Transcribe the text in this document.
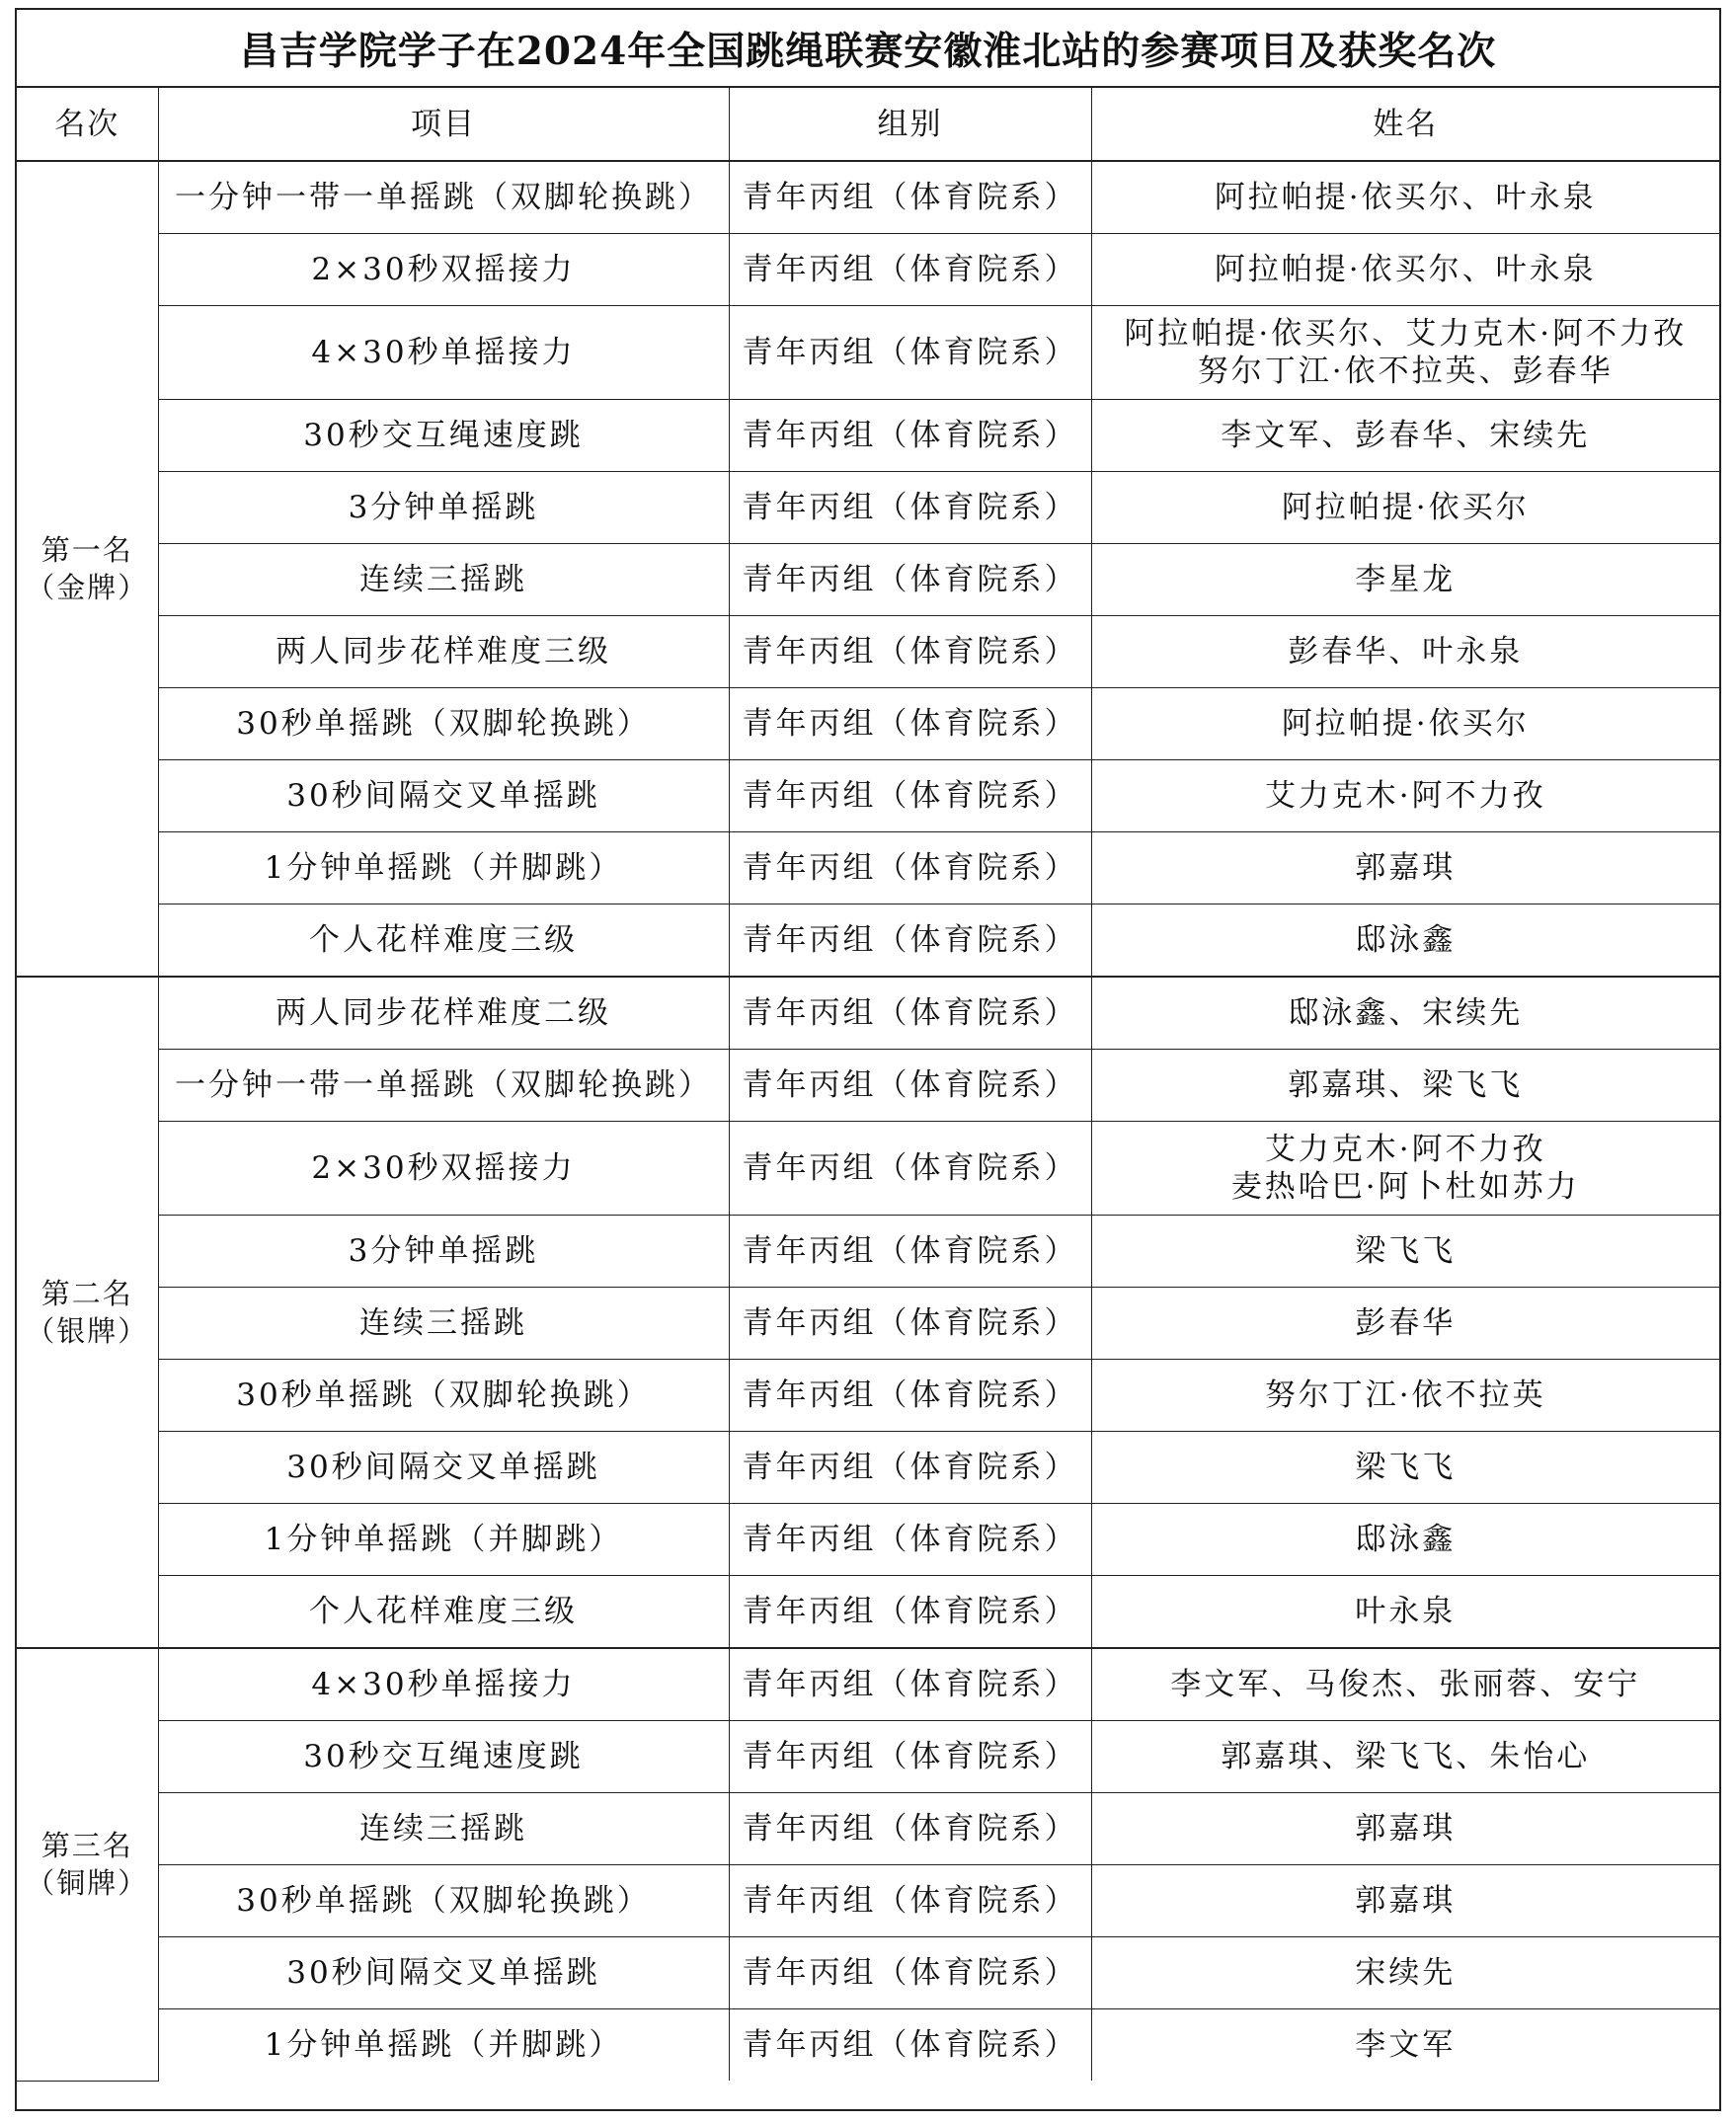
昌吉学院学子在2024年全国跳绳联赛安徽淮北站的参赛项目及获奖名次
名次	项目	组别	姓名

第一名
（金牌）	一分钟一带一单摇跳（双脚轮换跳）	青年丙组（体育院系）	阿拉帕提·依买尔、叶永泉

	2×30秒双摇接力	青年丙组（体育院系）	阿拉帕提·依买尔、叶永泉

	4×30秒单摇接力	青年丙组（体育院系）	阿拉帕提·依买尔、艾力克木·阿不力孜
努尔丁江·依不拉英、彭春华

	30秒交互绳速度跳	青年丙组（体育院系）	李文军、彭春华、宋续先

	3分钟单摇跳	青年丙组（体育院系）	阿拉帕提·依买尔

	连续三摇跳	青年丙组（体育院系）	李星龙

	两人同步花样难度三级	青年丙组（体育院系）	彭春华、叶永泉

	30秒单摇跳（双脚轮换跳）	青年丙组（体育院系）	阿拉帕提·依买尔

	30秒间隔交叉单摇跳	青年丙组（体育院系）	艾力克木·阿不力孜

	1分钟单摇跳（并脚跳）	青年丙组（体育院系）	郭嘉琪

	个人花样难度三级	青年丙组（体育院系）	邸泳鑫

第二名
（银牌）	两人同步花样难度二级	青年丙组（体育院系）	邸泳鑫、宋续先

	一分钟一带一单摇跳（双脚轮换跳）	青年丙组（体育院系）	郭嘉琪、梁飞飞

	2×30秒双摇接力	青年丙组（体育院系）	艾力克木·阿不力孜
麦热哈巴·阿卜杜如苏力

	3分钟单摇跳	青年丙组（体育院系）	梁飞飞

	连续三摇跳	青年丙组（体育院系）	彭春华

	30秒单摇跳（双脚轮换跳）	青年丙组（体育院系）	努尔丁江·依不拉英

	30秒间隔交叉单摇跳	青年丙组（体育院系）	梁飞飞

	1分钟单摇跳（并脚跳）	青年丙组（体育院系）	邸泳鑫

	个人花样难度三级	青年丙组（体育院系）	叶永泉

第三名
（铜牌）	4×30秒单摇接力	青年丙组（体育院系）	李文军、马俊杰、张丽蓉、安宁

	30秒交互绳速度跳	青年丙组（体育院系）	郭嘉琪、梁飞飞、朱怡心

	连续三摇跳	青年丙组（体育院系）	郭嘉琪

	30秒单摇跳（双脚轮换跳）	青年丙组（体育院系）	郭嘉琪

	30秒间隔交叉单摇跳	青年丙组（体育院系）	宋续先

	1分钟单摇跳（并脚跳）	青年丙组（体育院系）	李文军
